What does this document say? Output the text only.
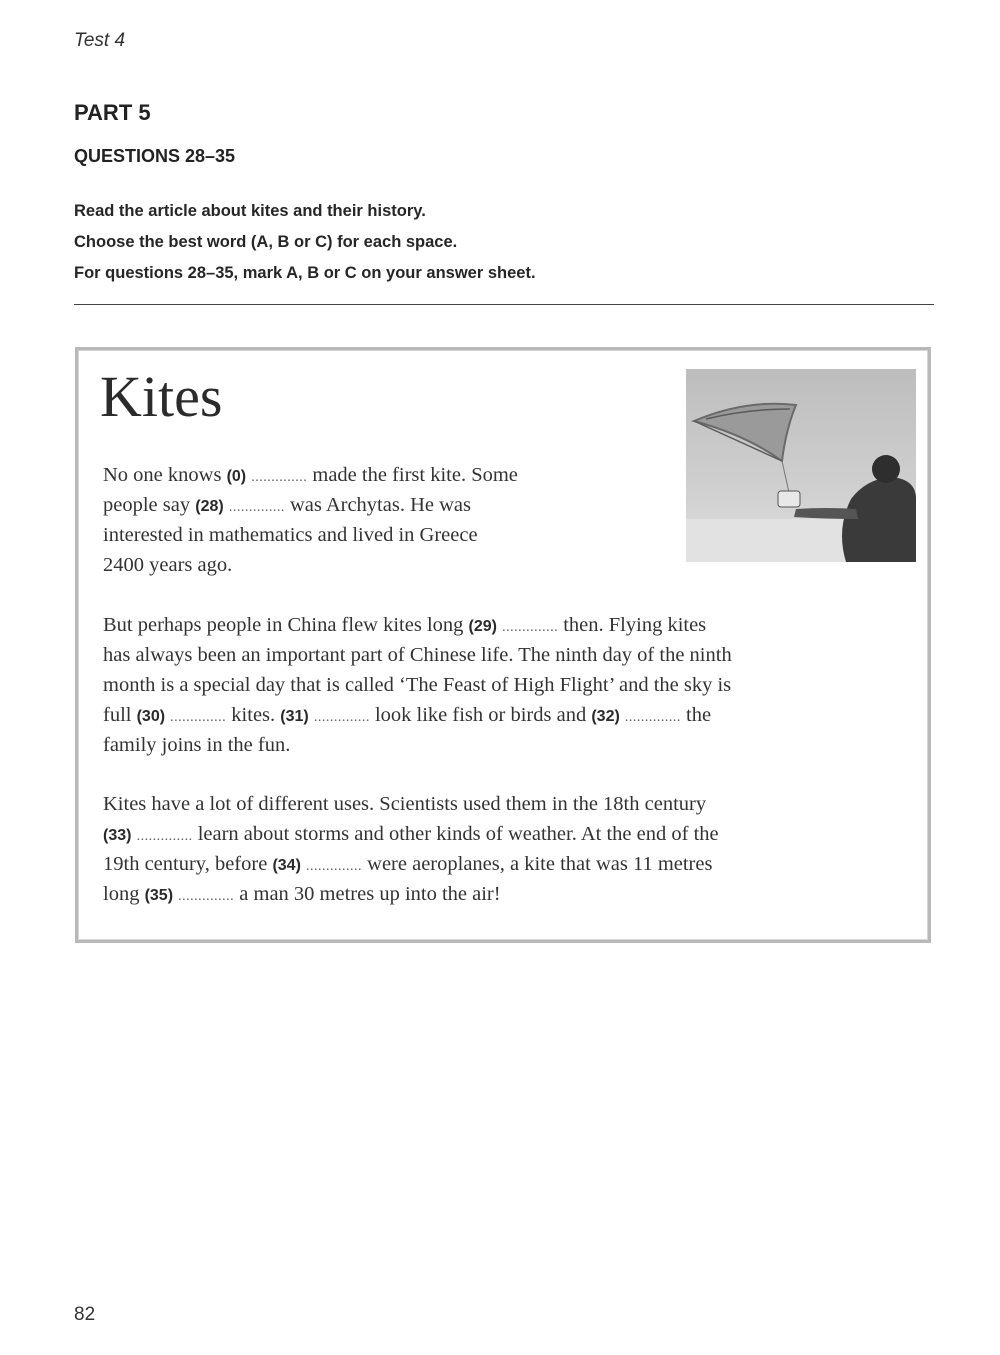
Test 4
PART 5
QUESTIONS 28–35
Read the article about kites and their history.
Choose the best word (A, B or C) for each space.
For questions 28–35, mark A, B or C on your answer sheet.
Kites
No one knows (0) .............. made the first kite. Some
people say (28) .............. was Archytas. He was
interested in mathematics and lived in Greece
2400 years ago.
But perhaps people in China flew kites long (29) .............. then. Flying kites
has always been an important part of Chinese life. The ninth day of the ninth
month is a special day that is called ‘The Feast of High Flight’ and the sky is
full (30) .............. kites. (31) .............. look like fish or birds and (32) .............. the
family joins in the fun.
Kites have a lot of different uses. Scientists used them in the 18th century
(33) .............. learn about storms and other kinds of weather. At the end of the
19th century, before (34) .............. were aeroplanes, a kite that was 11 metres
long (35) .............. a man 30 metres up into the air!
82
